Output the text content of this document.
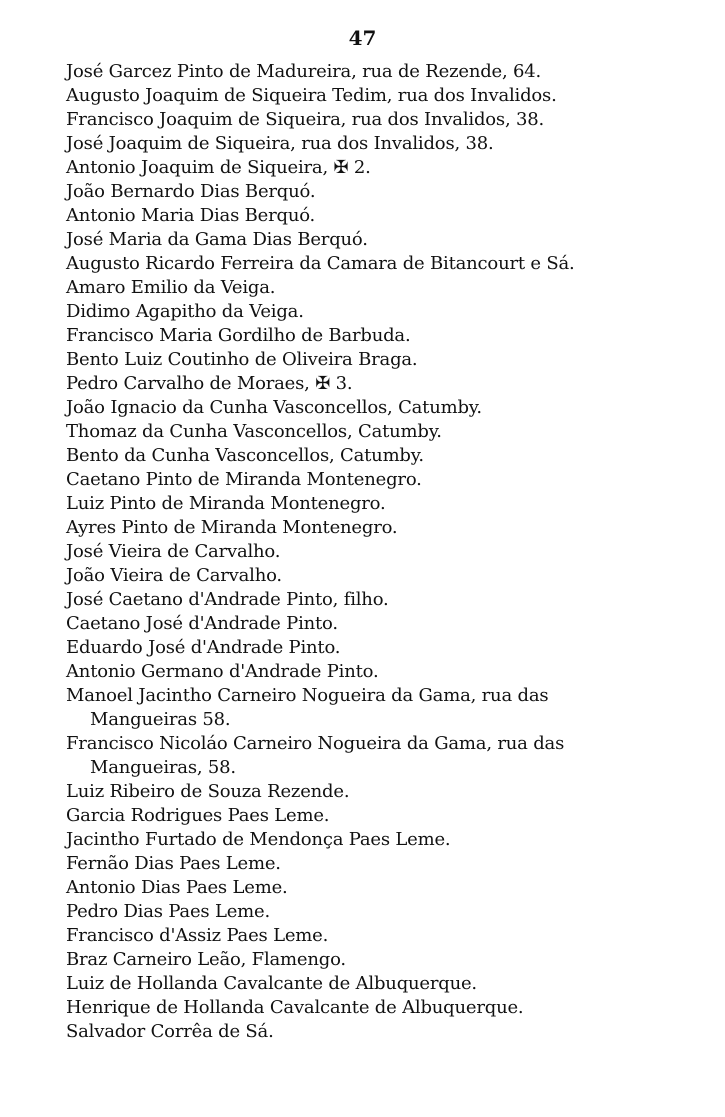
47
José Garcez Pinto de Madureira, rua de Rezende, 64.
Augusto Joaquim de Siqueira Tedim, rua dos Invalidos.
Francisco Joaquim de Siqueira, rua dos Invalidos, 38.
José Joaquim de Siqueira, rua dos Invalidos, 38.
Antonio Joaquim de Siqueira, ✠ 2.
João Bernardo Dias Berquó.
Antonio Maria Dias Berquó.
José Maria da Gama Dias Berquó.
Augusto Ricardo Ferreira da Camara de Bitancourt e Sá.
Amaro Emilio da Veiga.
Didimo Agapitho da Veiga.
Francisco Maria Gordilho de Barbuda.
Bento Luiz Coutinho de Oliveira Braga.
Pedro Carvalho de Moraes, ✠ 3.
João Ignacio da Cunha Vasconcellos, Catumby.
Thomaz da Cunha Vasconcellos, Catumby.
Bento da Cunha Vasconcellos, Catumby.
Caetano Pinto de Miranda Montenegro.
Luiz Pinto de Miranda Montenegro.
Ayres Pinto de Miranda Montenegro.
José Vieira de Carvalho.
João Vieira de Carvalho.
José Caetano d'Andrade Pinto, filho.
Caetano José d'Andrade Pinto.
Eduardo José d'Andrade Pinto.
Antonio Germano d'Andrade Pinto.
Manoel Jacintho Carneiro Nogueira da Gama, rua das
Mangueiras 58.
Francisco Nicoláo Carneiro Nogueira da Gama, rua das
Mangueiras, 58.
Luiz Ribeiro de Souza Rezende.
Garcia Rodrigues Paes Leme.
Jacintho Furtado de Mendonça Paes Leme.
Fernão Dias Paes Leme.
Antonio Dias Paes Leme.
Pedro Dias Paes Leme.
Francisco d'Assiz Paes Leme.
Braz Carneiro Leão, Flamengo.
Luiz de Hollanda Cavalcante de Albuquerque.
Henrique de Hollanda Cavalcante de Albuquerque.
Salvador Corrêa de Sá.
